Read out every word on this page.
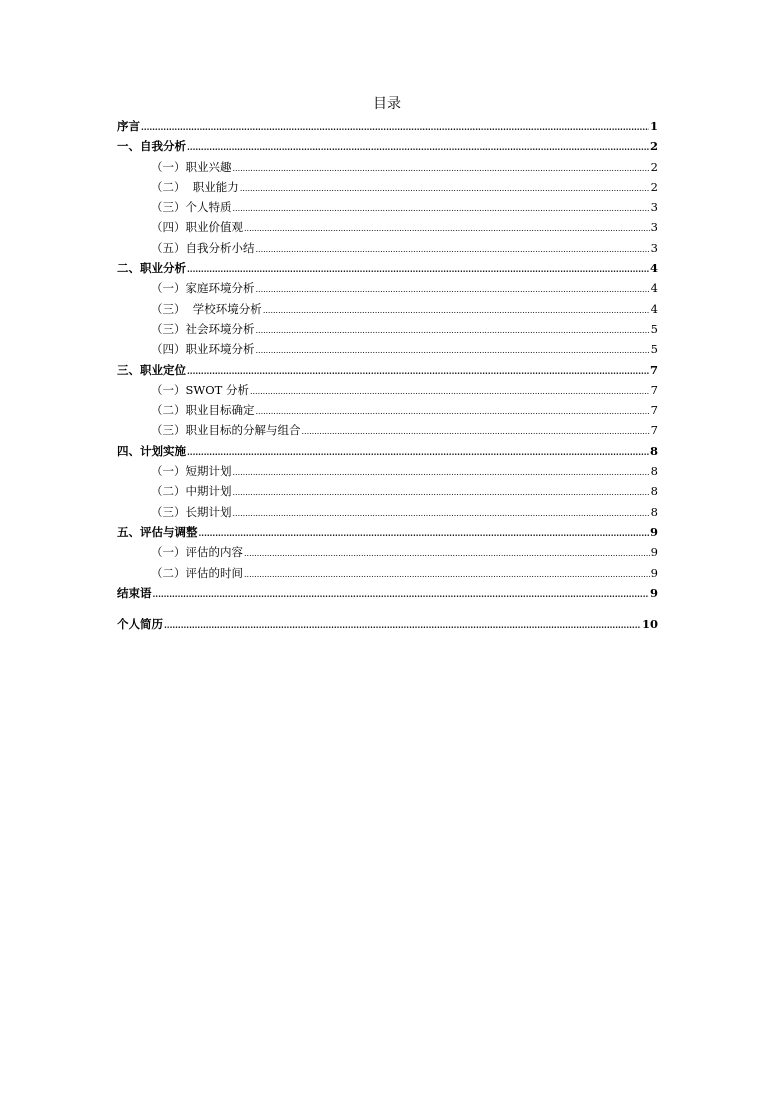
目录
序言 .....	1
一、自我分析 .....	2
（一）职业兴趣 .....	2
（二）  职业能力 .....	2
（三）个人特质 .....	3
（四）职业价值观 .....	3
（五）自我分析小结 .....	3
二、职业分析 .....	4
（一）家庭环境分析 .....	4
（三）  学校环境分析 .....	4
（三）社会环境分析 .....	5
（四）职业环境分析 .....	5
三、职业定位 .....	7
（一）SWOT 分析 .....	7
（二）职业目标确定 .....	7
（三）职业目标的分解与组合 .....	7
四、计划实施 .....	8
（一）短期计划 .....	8
（二）中期计划 .....	8
（三）长期计划 .....	8
五、评估与调整 .....	9
（一）评估的内容 .....	9
（二）评估的时间 .....	9
结束语 .....	9
个人简历 .....	10
